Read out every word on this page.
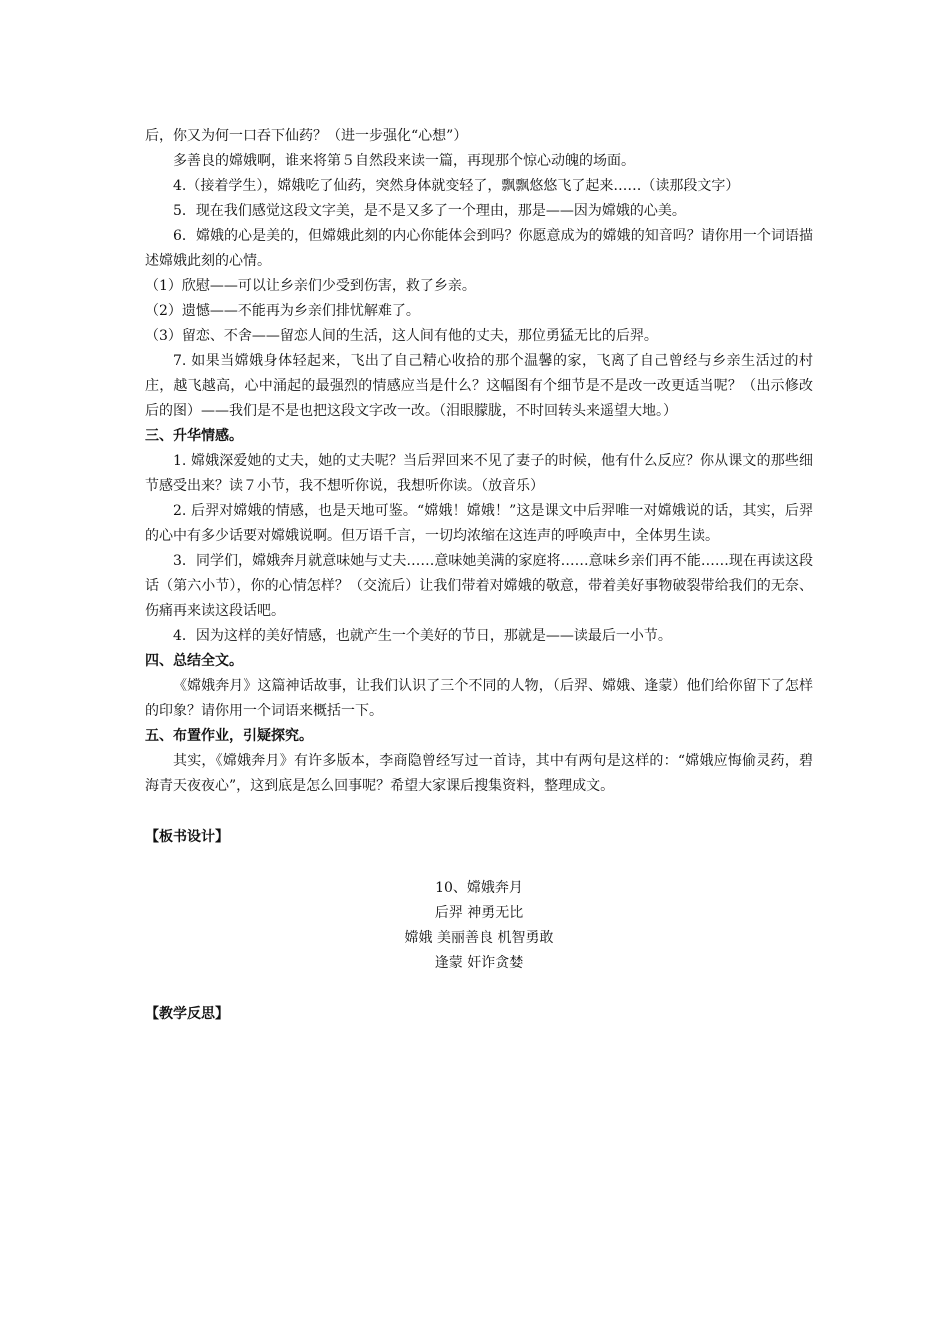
后，你又为何一口吞下仙药？（进一步强化“心想”）

多善良的嫦娥啊，谁来将第５自然段来读一篇，再现那个惊心动魄的场面。

4.（接着学生），嫦娥吃了仙药，突然身体就变轻了，飘飘悠悠飞了起来……（读那段文字）

5．现在我们感觉这段文字美，是不是又多了一个理由，那是——因为嫦娥的心美。

6．嫦娥的心是美的，但嫦娥此刻的内心你能体会到吗？你愿意成为的嫦娥的知音吗？请你用一个词语描述嫦娥此刻的心情。

（1）欣慰——可以让乡亲们少受到伤害，救了乡亲。

（2）遗憾——不能再为乡亲们排忧解难了。

（3）留恋、不舍——留恋人间的生活，这人间有他的丈夫，那位勇猛无比的后羿。

7. 如果当嫦娥身体轻起来，飞出了自己精心收拾的那个温馨的家，飞离了自己曾经与乡亲生活过的村庄，越飞越高，心中涌起的最强烈的情感应当是什么？这幅图有个细节是不是改一改更适当呢？（出示修改后的图）——我们是不是也把这段文字改一改。（泪眼朦胧，不时回转头来遥望大地。）

三、升华情感。

1. 嫦娥深爱她的丈夫，她的丈夫呢？当后羿回来不见了妻子的时候，他有什么反应？你从课文的那些细节感受出来？读７小节，我不想听你说，我想听你读。（放音乐）

2. 后羿对嫦娥的情感，也是天地可鉴。“嫦娥！嫦娥！”这是课文中后羿唯一对嫦娥说的话，其实，后羿的心中有多少话要对嫦娥说啊。但万语千言，一切均浓缩在这连声的呼唤声中，全体男生读。

3．同学们，嫦娥奔月就意味她与丈夫……意味她美满的家庭将……意味乡亲们再不能……现在再读这段话（第六小节），你的心情怎样？（交流后）让我们带着对嫦娥的敬意，带着美好事物破裂带给我们的无奈、伤痛再来读这段话吧。

4．因为这样的美好情感，也就产生一个美好的节日，那就是——读最后一小节。

四、总结全文。

《嫦娥奔月》这篇神话故事，让我们认识了三个不同的人物，（后羿、嫦娥、逢蒙）他们给你留下了怎样的印象？请你用一个词语来概括一下。

五、布置作业，引疑探究。

其实，《嫦娥奔月》有许多版本，李商隐曾经写过一首诗，其中有两句是这样的：“嫦娥应悔偷灵药，碧海青天夜夜心”，这到底是怎么回事呢？希望大家课后搜集资料，整理成文。

【板书设计】

10、嫦娥奔月
后羿 神勇无比
嫦娥 美丽善良 机智勇敢
逢蒙 奸诈贪婪

【教学反思】
